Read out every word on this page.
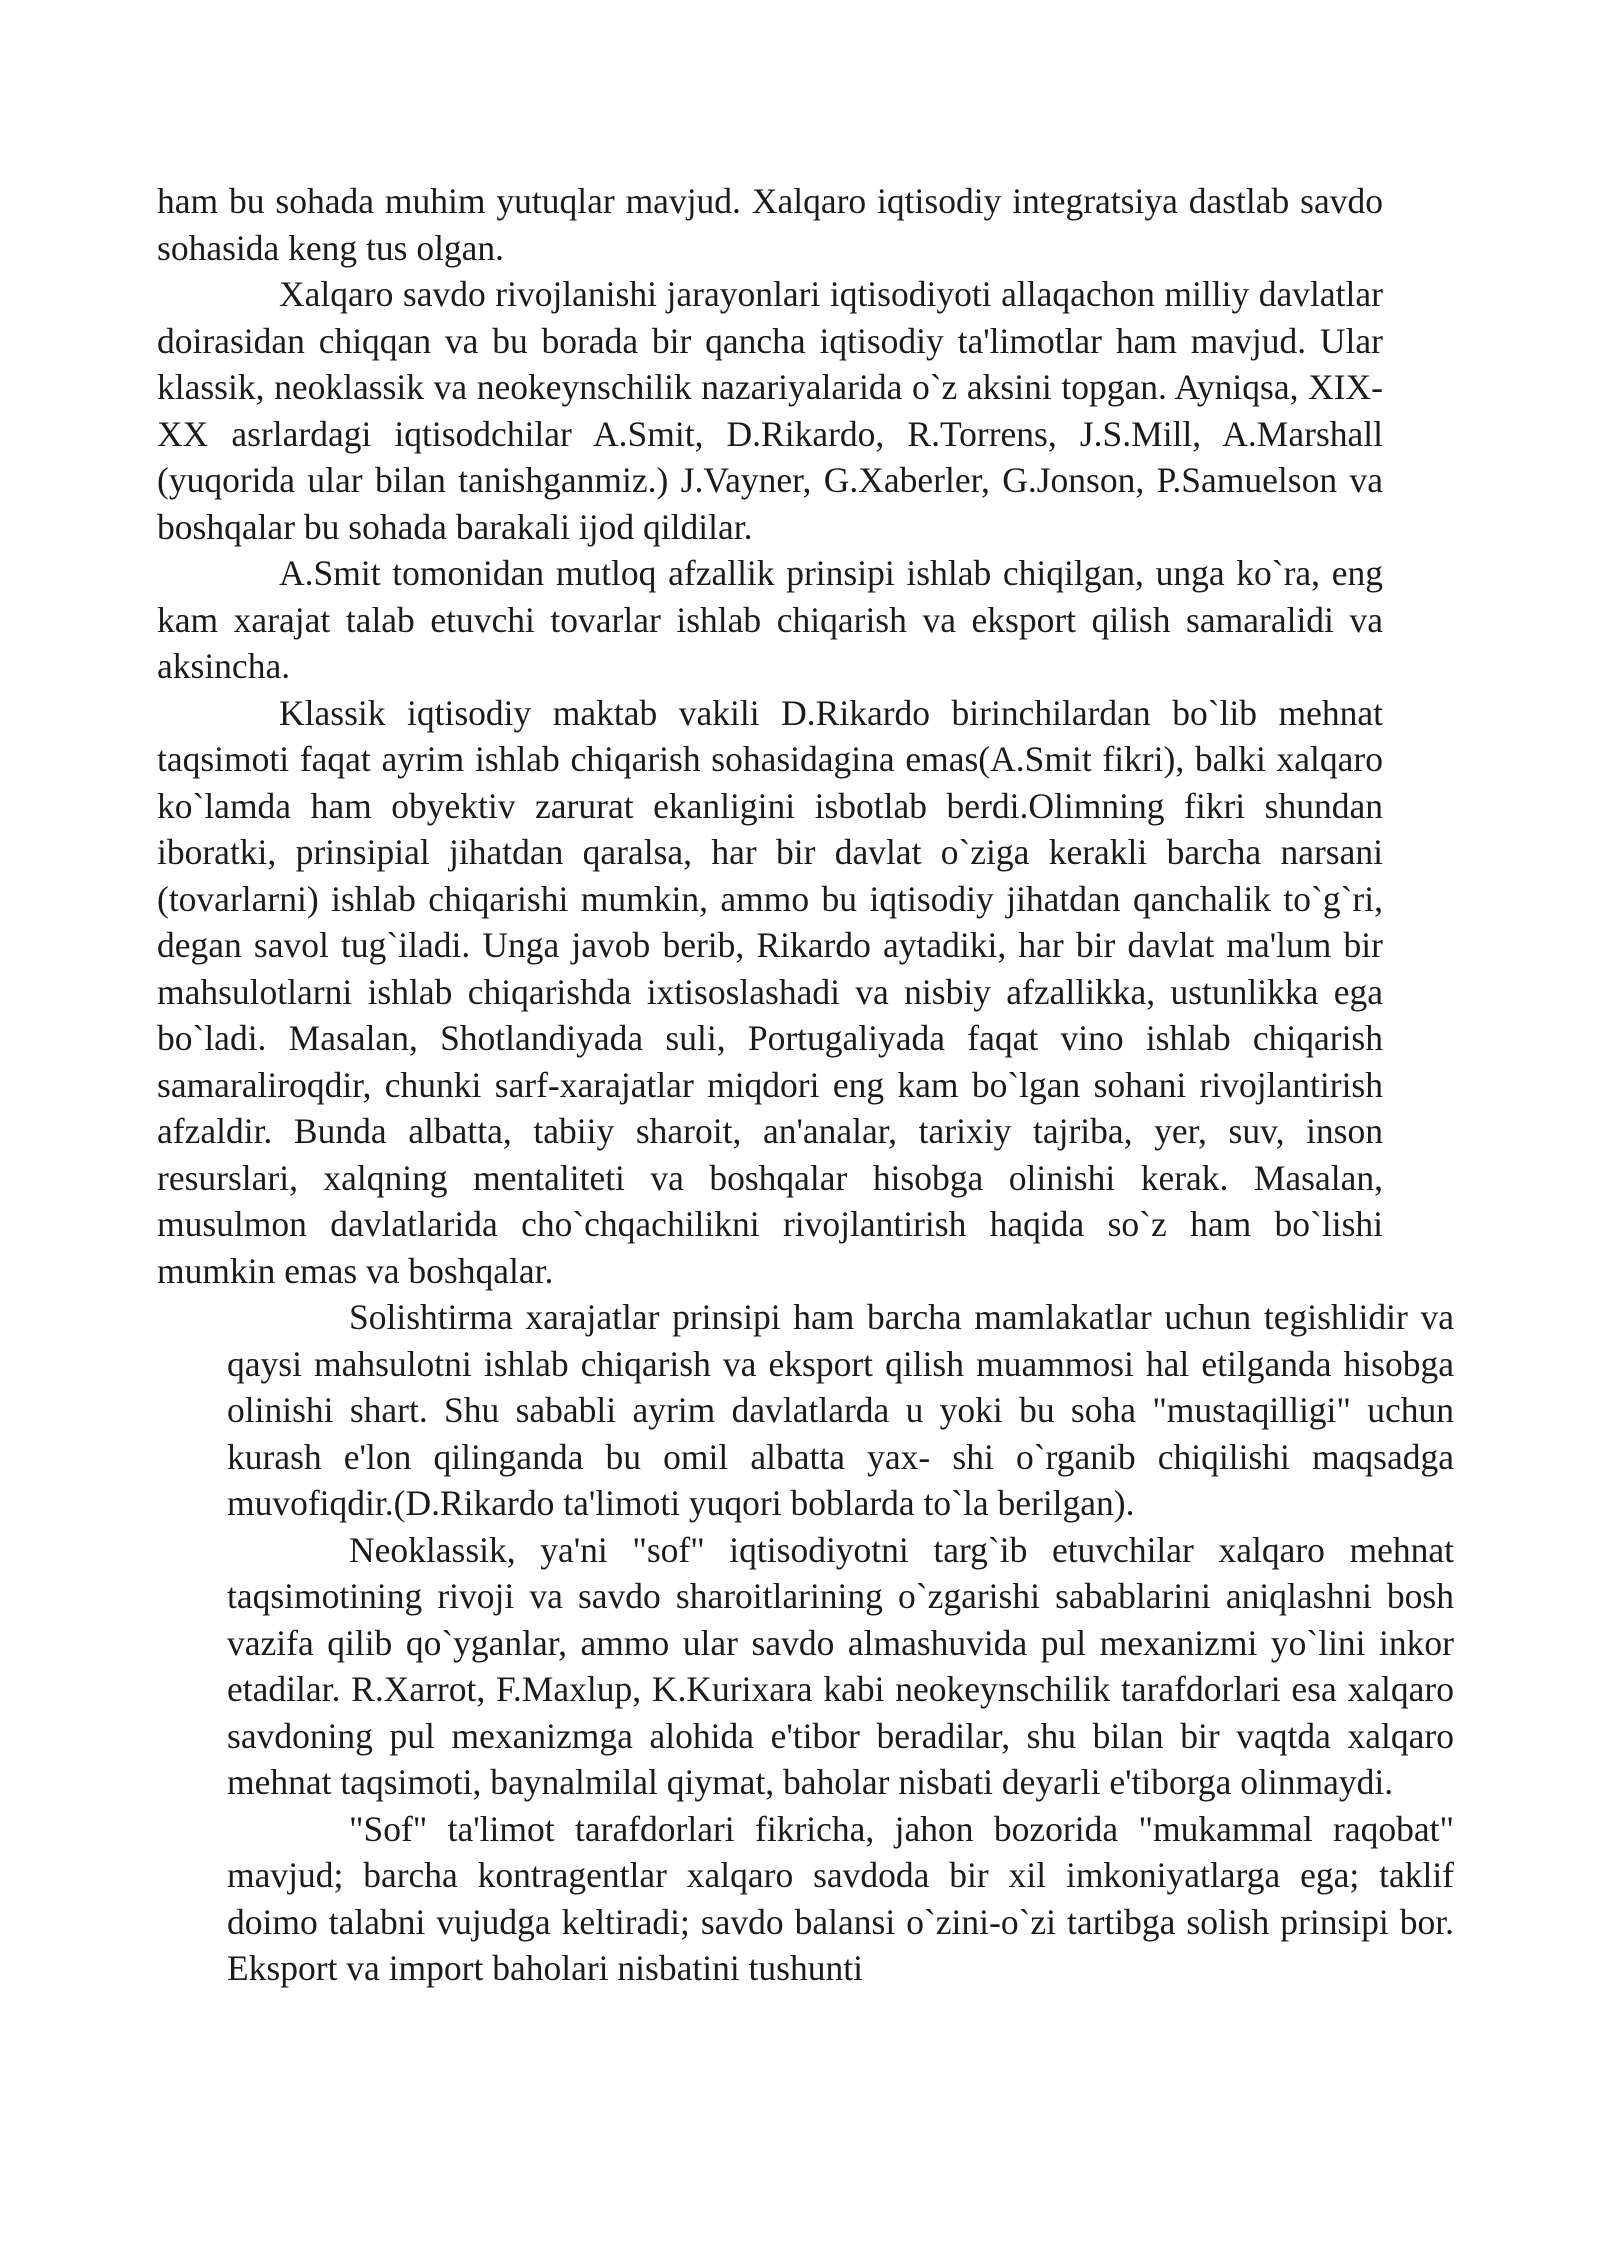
ham bu sohada muhim yutuqlar mavjud. Xalqaro iqtisodiy integratsiya dastlab savdo sohasida keng tus olgan.

Xalqaro savdo rivojlanishi jarayonlari iqtisodiyoti allaqachon milliy davlatlar doirasidan chiqqan va bu borada bir qancha iqtisodiy ta'limotlar ham mavjud. Ular klassik, neoklassik va neokeynschilik nazariyalarida o`z aksini topgan. Ayniqsa, XIX-XX asrlardagi iqtisodchilar A.Smit, D.Rikardo, R.Torrens, J.S.Mill, A.Marshall (yuqorida ular bilan tanishganmiz.) J.Vayner, G.Xaberler, G.Jonson, P.Samuelson va boshqalar bu sohada barakali ijod qildilar.

A.Smit tomonidan mutloq afzallik prinsipi ishlab chiqilgan, unga ko`ra, eng kam xarajat talab etuvchi tovarlar ishlab chiqarish va eksport qilish samaralidi va aksincha.

Klassik iqtisodiy maktab vakili D.Rikardo birinchilardan bo`lib mehnat taqsimoti faqat ayrim ishlab chiqarish sohasidagina emas(A.Smit fikri), balki xalqaro ko`lamda ham obyektiv zarurat ekanligini isbotlab berdi.Olimning fikri shundan iboratki, prinsipial jihatdan qaralsa, har bir davlat o`ziga kerakli barcha narsani (tovarlarni) ishlab chiqarishi mumkin, ammo bu iqtisodiy jihatdan qanchalik to`g`ri, degan savol tug`iladi. Unga javob berib, Rikardo aytadiki, har bir davlat ma'lum bir mahsulotlarni ishlab chiqarishda ixtisoslashadi va nisbiy afzallikka, ustunlikka ega bo`ladi. Masalan, Shotlandiyada suli, Portugaliyada faqat vino ishlab chiqarish samaraliroqdir, chunki sarf-xarajatlar miqdori eng kam bo`lgan sohani rivojlantirish afzaldir. Bunda albatta, tabiiy sharoit, an'analar, tarixiy tajriba, yer, suv, inson resurslari, xalqning mentaliteti va boshqalar hisobga olinishi kerak. Masalan, musulmon davlatlarida cho`chqachilikni rivojlantirish haqida so`z ham bo`lishi mumkin emas va boshqalar.

Solishtirma xarajatlar prinsipi ham barcha mamlakatlar uchun tegishlidir va qaysi mahsulotni ishlab chiqarish va eksport qilish muammosi hal etilganda hisobga olinishi shart. Shu sababli ayrim davlatlarda u yoki bu soha "mustaqilligi" uchun kurash e'lon qilinganda bu omil albatta yax- shi o`rganib chiqilishi maqsadga muvofiqdir.(D.Rikardo ta'limoti yuqori boblarda to`la berilgan).

Neoklassik, ya'ni "sof" iqtisodiyotni targ`ib etuvchilar xalqaro mehnat taqsimotining rivoji va savdo sharoitlarining o`zgarishi sabablarini aniqlashni bosh vazifa qilib qo`yganlar, ammo ular savdo almashuvida pul mexanizmi yo`lini inkor etadilar. R.Xarrot, F.Maxlup, K.Kurixara kabi neokeynschilik tarafdorlari esa xalqaro savdoning pul mexanizmga alohida e'tibor beradilar, shu bilan bir vaqtda xalqaro mehnat taqsimoti, baynalmilal qiymat, baholar nisbati deyarli e'tiborga olinmaydi.

"Sof" ta'limot tarafdorlari fikricha, jahon bozorida "mukammal raqobat" mavjud; barcha kontragentlar xalqaro savdoda bir xil imkoniyatlarga ega; taklif doimo talabni vujudga keltiradi; savdo balansi o`zini-o`zi tartibga solish prinsipi bor. Eksport va import baholari nisbatini tushunti
